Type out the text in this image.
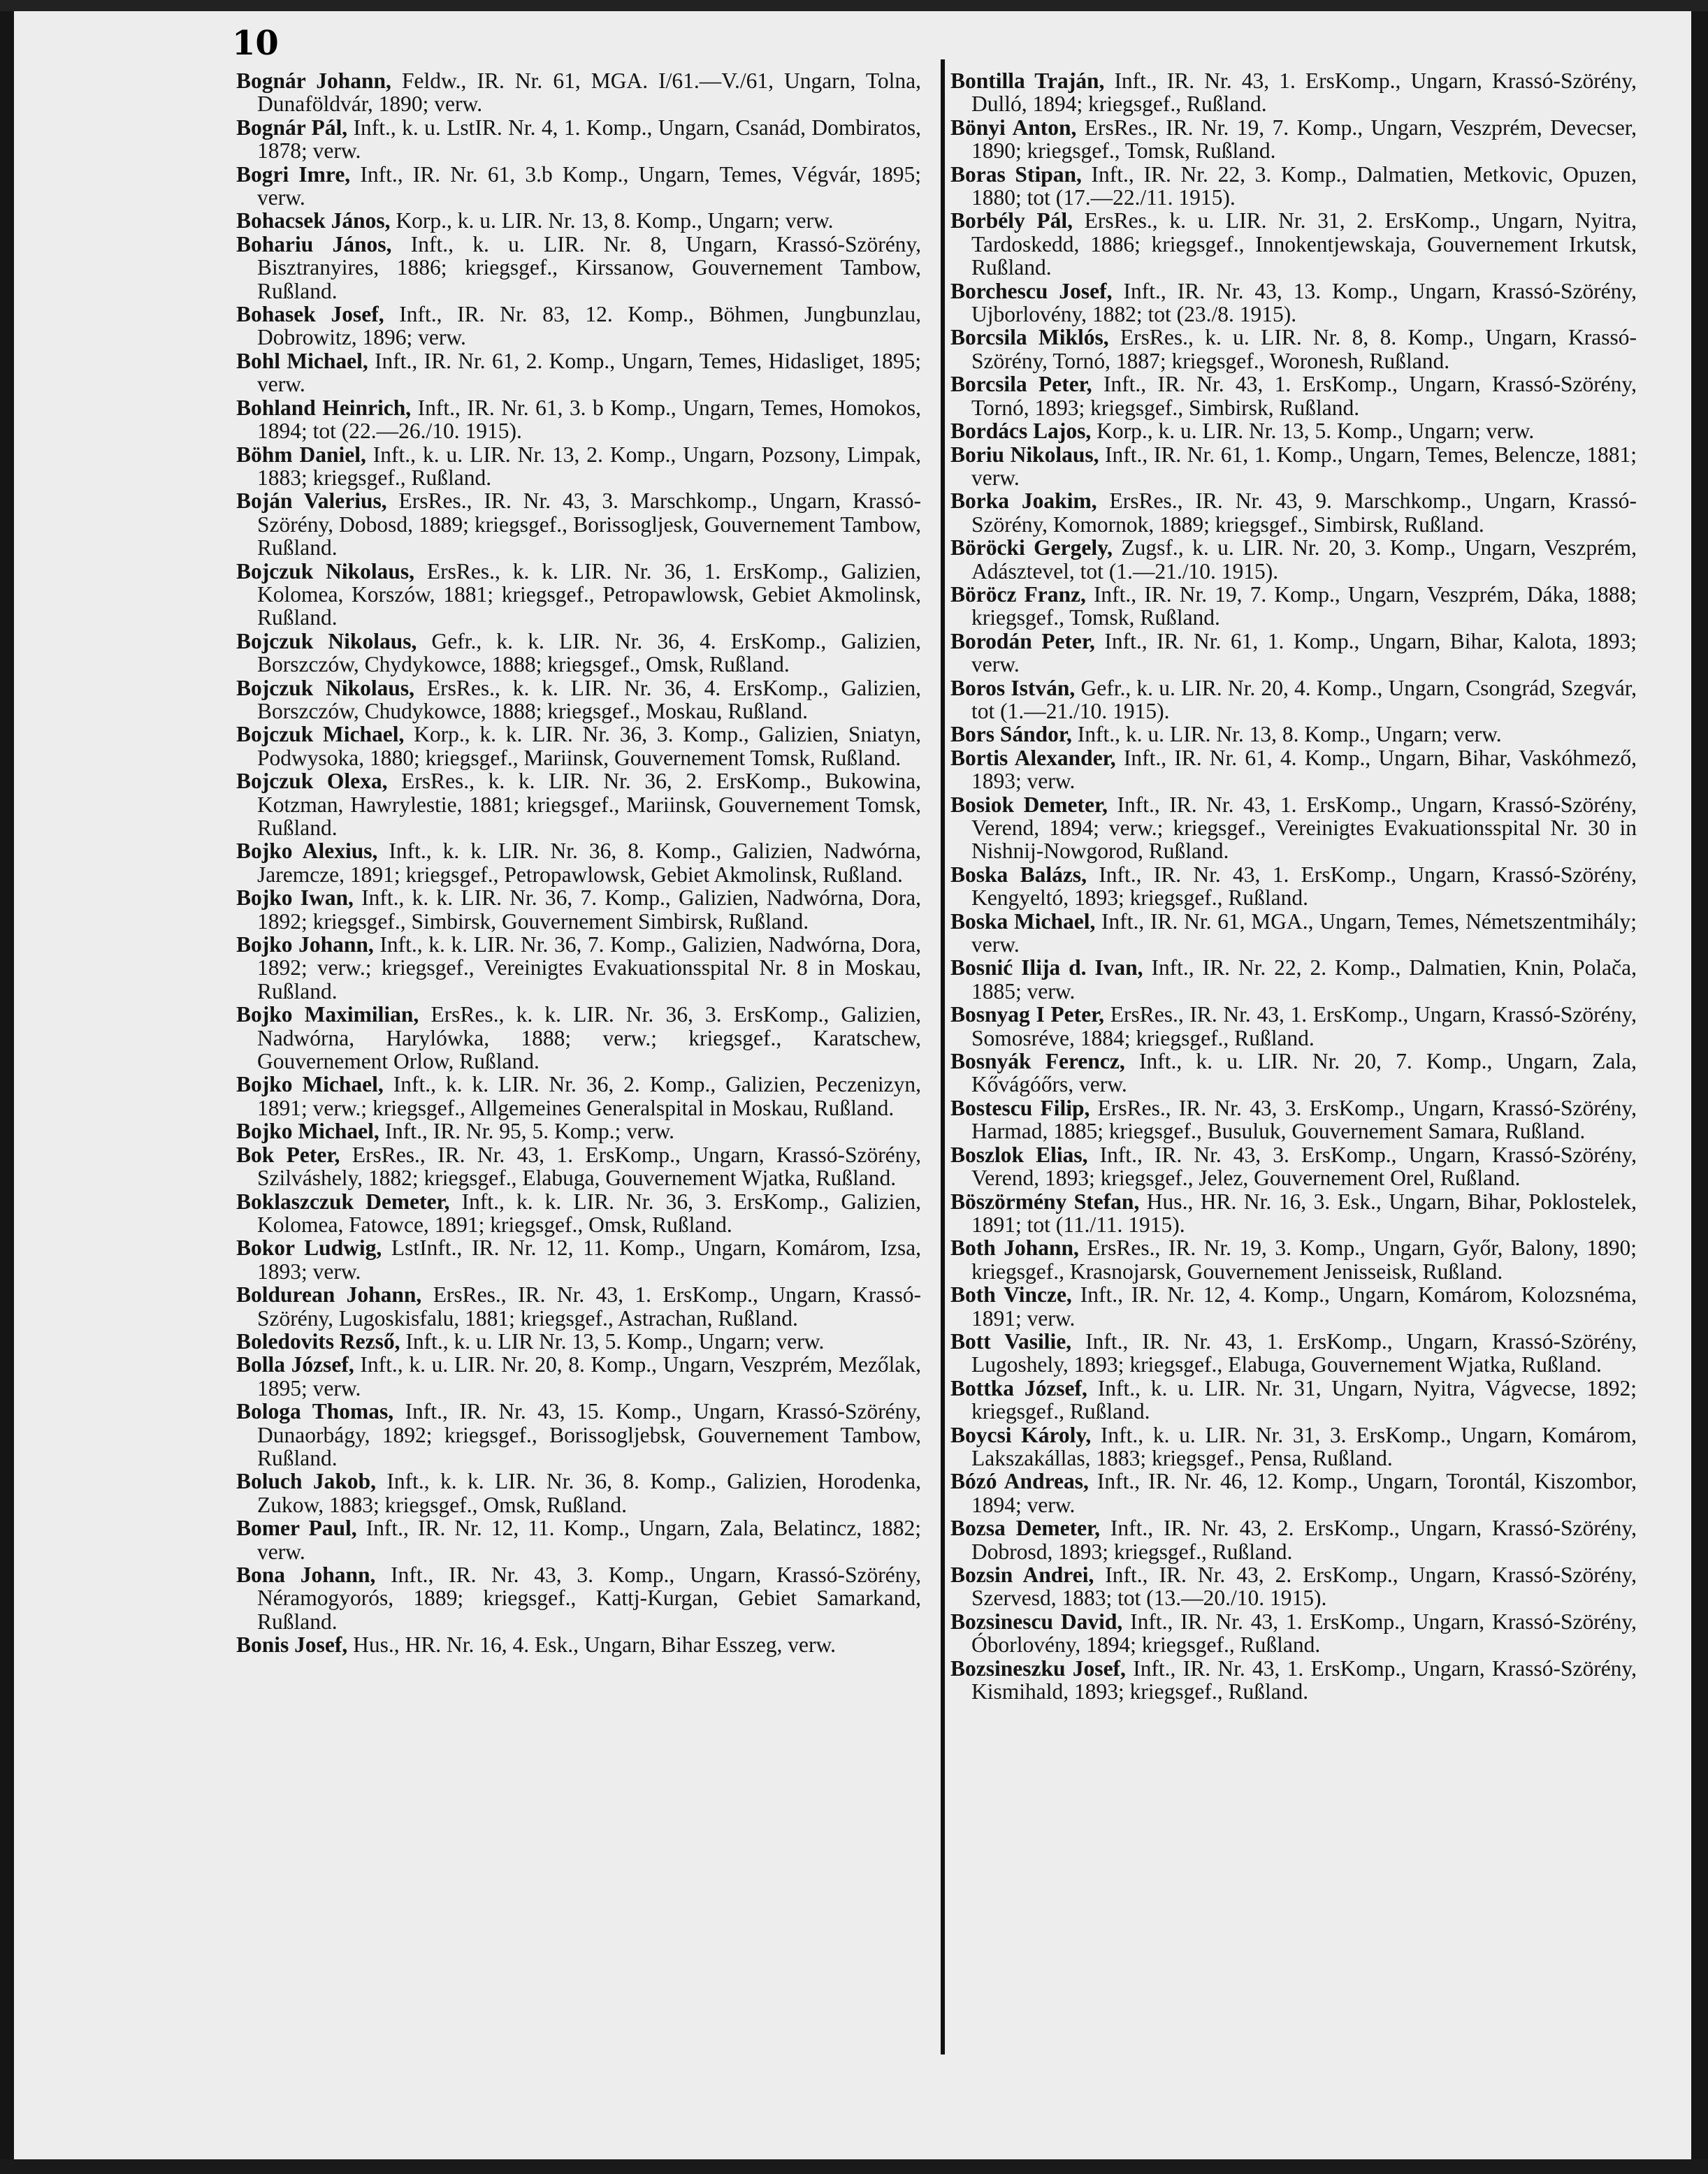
10
Bognár Johann, Feldw., IR. Nr. 61, MGA. I/61.—V./61, Ungarn, Tolna, Dunaföldvár, 1890; verw.
Bognár Pál, Inft., k. u. LstIR. Nr. 4, 1. Komp., Ungarn, Csanád, Dombiratos, 1878; verw.
Bogri Imre, Inft., IR. Nr. 61, 3.b Komp., Ungarn, Temes, Végvár, 1895; verw.
Bohacsek János, Korp., k. u. LIR. Nr. 13, 8. Komp., Ungarn; verw.
Bohariu János, Inft., k. u. LIR. Nr. 8, Ungarn, Krassó-Szörény, Bisztranyires, 1886; kriegsgef., Kirssanow, Gouvernement Tambow, Rußland.
Bohasek Josef, Inft., IR. Nr. 83, 12. Komp., Böhmen, Jungbunzlau, Dobrowitz, 1896; verw.
Bohl Michael, Inft., IR. Nr. 61, 2. Komp., Ungarn, Temes, Hidasliget, 1895; verw.
Bohland Heinrich, Inft., IR. Nr. 61, 3. b Komp., Ungarn, Temes, Homokos, 1894; tot (22.—26./10. 1915).
Böhm Daniel, Inft., k. u. LIR. Nr. 13, 2. Komp., Ungarn, Pozsony, Limpak, 1883; kriegsgef., Rußland.
Boján Valerius, ErsRes., IR. Nr. 43, 3. Marschkomp., Ungarn, Krassó-Szörény, Dobosd, 1889; kriegsgef., Borissogljesk, Gouvernement Tambow, Rußland.
Bojczuk Nikolaus, ErsRes., k. k. LIR. Nr. 36, 1. ErsKomp., Galizien, Kolomea, Korszów, 1881; kriegsgef., Petropawlowsk, Gebiet Akmolinsk, Rußland.
Bojczuk Nikolaus, Gefr., k. k. LIR. Nr. 36, 4. ErsKomp., Galizien, Borszczów, Chydykowce, 1888; kriegsgef., Omsk, Rußland.
Bojczuk Nikolaus, ErsRes., k. k. LIR. Nr. 36, 4. ErsKomp., Galizien, Borszczów, Chudykowce, 1888; kriegsgef., Moskau, Rußland.
Bojczuk Michael, Korp., k. k. LIR. Nr. 36, 3. Komp., Galizien, Sniatyn, Podwysoka, 1880; kriegsgef., Mariinsk, Gouvernement Tomsk, Rußland.
Bojczuk Olexa, ErsRes., k. k. LIR. Nr. 36, 2. ErsKomp., Bukowina, Kotzman, Hawrylestie, 1881; kriegsgef., Mariinsk, Gouvernement Tomsk, Rußland.
Bojko Alexius, Inft., k. k. LIR. Nr. 36, 8. Komp., Galizien, Nadwórna, Jaremcze, 1891; kriegsgef., Petropawlowsk, Gebiet Akmolinsk, Rußland.
Bojko Iwan, Inft., k. k. LIR. Nr. 36, 7. Komp., Galizien, Nadwórna, Dora, 1892; kriegsgef., Simbirsk, Gouvernement Simbirsk, Rußland.
Bojko Johann, Inft., k. k. LIR. Nr. 36, 7. Komp., Galizien, Nadwórna, Dora, 1892; verw.; kriegsgef., Vereinigtes Evakuationsspital Nr. 8 in Moskau, Rußland.
Bojko Maximilian, ErsRes., k. k. LIR. Nr. 36, 3. ErsKomp., Galizien, Nadwórna, Harylówka, 1888; verw.; kriegsgef., Karatschew, Gouvernement Orlow, Rußland.
Bojko Michael, Inft., k. k. LIR. Nr. 36, 2. Komp., Galizien, Peczenizyn, 1891; verw.; kriegsgef., Allgemeines Generalspital in Moskau, Rußland.
Bojko Michael, Inft., IR. Nr. 95, 5. Komp.; verw.
Bok Peter, ErsRes., IR. Nr. 43, 1. ErsKomp., Ungarn, Krassó-Szörény, Szilváshely, 1882; kriegsgef., Elabuga, Gouvernement Wjatka, Rußland.
Boklaszczuk Demeter, Inft., k. k. LIR. Nr. 36, 3. ErsKomp., Galizien, Kolomea, Fatowce, 1891; kriegsgef., Omsk, Rußland.
Bokor Ludwig, LstInft., IR. Nr. 12, 11. Komp., Ungarn, Komárom, Izsa, 1893; verw.
Boldurean Johann, ErsRes., IR. Nr. 43, 1. ErsKomp., Ungarn, Krassó-Szörény, Lugoskisfalu, 1881; kriegsgef., Astrachan, Rußland.
Boledovits Rezső, Inft., k. u. LIR Nr. 13, 5. Komp., Ungarn; verw.
Bolla József, Inft., k. u. LIR. Nr. 20, 8. Komp., Ungarn, Veszprém, Mezőlak, 1895; verw.
Bologa Thomas, Inft., IR. Nr. 43, 15. Komp., Ungarn, Krassó-Szörény, Dunaorbágy, 1892; kriegsgef., Borissogljebsk, Gouvernement Tambow, Rußland.
Boluch Jakob, Inft., k. k. LIR. Nr. 36, 8. Komp., Galizien, Horodenka, Zukow, 1883; kriegsgef., Omsk, Rußland.
Bomer Paul, Inft., IR. Nr. 12, 11. Komp., Ungarn, Zala, Belatincz, 1882; verw.
Bona Johann, Inft., IR. Nr. 43, 3. Komp., Ungarn, Krassó-Szörény, Néramogyorós, 1889; kriegsgef., Kattj-Kurgan, Gebiet Samarkand, Rußland.
Bonis Josef, Hus., HR. Nr. 16, 4. Esk., Ungarn, Bihar Esszeg, verw.
Bontilla Traján, Inft., IR. Nr. 43, 1. ErsKomp., Ungarn, Krassó-Szörény, Dulló, 1894; kriegsgef., Rußland.
Bönyi Anton, ErsRes., IR. Nr. 19, 7. Komp., Ungarn, Veszprém, Devecser, 1890; kriegsgef., Tomsk, Rußland.
Boras Stipan, Inft., IR. Nr. 22, 3. Komp., Dalmatien, Metkovic, Opuzen, 1880; tot (17.—22./11. 1915).
Borbély Pál, ErsRes., k. u. LIR. Nr. 31, 2. ErsKomp., Ungarn, Nyitra, Tardoskedd, 1886; kriegsgef., Innokentjewskaja, Gouvernement Irkutsk, Rußland.
Borchescu Josef, Inft., IR. Nr. 43, 13. Komp., Ungarn, Krassó-Szörény, Ujborlovény, 1882; tot (23./8. 1915).
Borcsila Miklós, ErsRes., k. u. LIR. Nr. 8, 8. Komp., Ungarn, Krassó-Szörény, Tornó, 1887; kriegsgef., Woronesh, Rußland.
Borcsila Peter, Inft., IR. Nr. 43, 1. ErsKomp., Ungarn, Krassó-Szörény, Tornó, 1893; kriegsgef., Simbirsk, Rußland.
Bordács Lajos, Korp., k. u. LIR. Nr. 13, 5. Komp., Ungarn; verw.
Boriu Nikolaus, Inft., IR. Nr. 61, 1. Komp., Ungarn, Temes, Belencze, 1881; verw.
Borka Joakim, ErsRes., IR. Nr. 43, 9. Marschkomp., Ungarn, Krassó-Szörény, Komornok, 1889; kriegsgef., Simbirsk, Rußland.
Böröcki Gergely, Zugsf., k. u. LIR. Nr. 20, 3. Komp., Ungarn, Veszprém, Adásztevel, tot (1.—21./10. 1915).
Böröcz Franz, Inft., IR. Nr. 19, 7. Komp., Ungarn, Veszprém, Dáka, 1888; kriegsgef., Tomsk, Rußland.
Borodán Peter, Inft., IR. Nr. 61, 1. Komp., Ungarn, Bihar, Kalota, 1893; verw.
Boros István, Gefr., k. u. LIR. Nr. 20, 4. Komp., Ungarn, Csongrád, Szegvár, tot (1.—21./10. 1915).
Bors Sándor, Inft., k. u. LIR. Nr. 13, 8. Komp., Ungarn; verw.
Bortis Alexander, Inft., IR. Nr. 61, 4. Komp., Ungarn, Bihar, Vaskóhmező, 1893; verw.
Bosiok Demeter, Inft., IR. Nr. 43, 1. ErsKomp., Ungarn, Krassó-Szörény, Verend, 1894; verw.; kriegsgef., Vereinigtes Evakuationsspital Nr. 30 in Nishnij-Nowgorod, Rußland.
Boska Balázs, Inft., IR. Nr. 43, 1. ErsKomp., Ungarn, Krassó-Szörény, Kengyeltó, 1893; kriegsgef., Rußland.
Boska Michael, Inft., IR. Nr. 61, MGA., Ungarn, Temes, Németszentmihály; verw.
Bosnić Ilija d. Ivan, Inft., IR. Nr. 22, 2. Komp., Dalmatien, Knin, Polača, 1885; verw.
Bosnyag I Peter, ErsRes., IR. Nr. 43, 1. ErsKomp., Ungarn, Krassó-Szörény, Somosréve, 1884; kriegsgef., Rußland.
Bosnyák Ferencz, Inft., k. u. LIR. Nr. 20, 7. Komp., Ungarn, Zala, Kővágóőrs, verw.
Bostescu Filip, ErsRes., IR. Nr. 43, 3. ErsKomp., Ungarn, Krassó-Szörény, Harmad, 1885; kriegsgef., Busuluk, Gouvernement Samara, Rußland.
Boszlok Elias, Inft., IR. Nr. 43, 3. ErsKomp., Ungarn, Krassó-Szörény, Verend, 1893; kriegsgef., Jelez, Gouvernement Orel, Rußland.
Böszörmény Stefan, Hus., HR. Nr. 16, 3. Esk., Ungarn, Bihar, Poklostelek, 1891; tot (11./11. 1915).
Both Johann, ErsRes., IR. Nr. 19, 3. Komp., Ungarn, Győr, Balony, 1890; kriegsgef., Krasnojarsk, Gouvernement Jenisseisk, Rußland.
Both Vincze, Inft., IR. Nr. 12, 4. Komp., Ungarn, Komárom, Kolozsnéma, 1891; verw.
Bott Vasilie, Inft., IR. Nr. 43, 1. ErsKomp., Ungarn, Krassó-Szörény, Lugoshely, 1893; kriegsgef., Elabuga, Gouvernement Wjatka, Rußland.
Bottka József, Inft., k. u. LIR. Nr. 31, Ungarn, Nyitra, Vágvecse, 1892; kriegsgef., Rußland.
Boycsi Károly, Inft., k. u. LIR. Nr. 31, 3. ErsKomp., Ungarn, Komárom, Lakszakállas, 1883; kriegsgef., Pensa, Rußland.
Bózó Andreas, Inft., IR. Nr. 46, 12. Komp., Ungarn, Torontál, Kiszombor, 1894; verw.
Bozsa Demeter, Inft., IR. Nr. 43, 2. ErsKomp., Ungarn, Krassó-Szörény, Dobrosd, 1893; kriegsgef., Rußland.
Bozsin Andrei, Inft., IR. Nr. 43, 2. ErsKomp., Ungarn, Krassó-Szörény, Szervesd, 1883; tot (13.—20./10. 1915).
Bozsinescu David, Inft., IR. Nr. 43, 1. ErsKomp., Ungarn, Krassó-Szörény, Óborlovény, 1894; kriegsgef., Rußland.
Bozsineszku Josef, Inft., IR. Nr. 43, 1. ErsKomp., Ungarn, Krassó-Szörény, Kismihald, 1893; kriegsgef., Rußland.
